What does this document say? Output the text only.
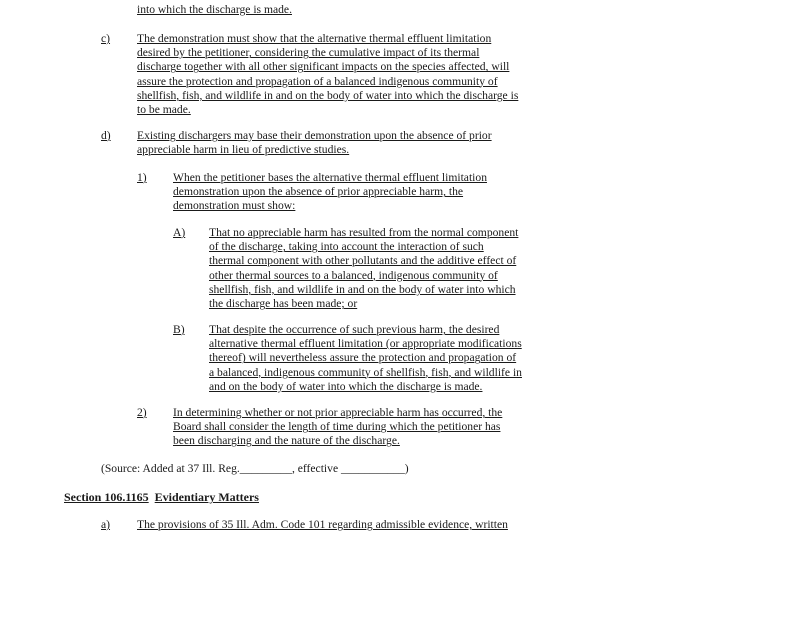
into which the discharge is made.
c) The demonstration must show that the alternative thermal effluent limitation
desired by the petitioner, considering the cumulative impact of its thermal
discharge together with all other significant impacts on the species affected, will
assure the protection and propagation of a balanced indigenous community of
shellfish, fish, and wildlife in and on the body of water into which the discharge is
to be made.
d) Existing dischargers may base their demonstration upon the absence of prior
appreciable harm in lieu of predictive studies.
1) When the petitioner bases the alternative thermal effluent limitation
demonstration upon the absence of prior appreciable harm, the
demonstration must show:
A) That no appreciable harm has resulted from the normal component
of the discharge, taking into account the interaction of such
thermal component with other pollutants and the additive effect of
other thermal sources to a balanced, indigenous community of
shellfish, fish, and wildlife in and on the body of water into which
the discharge has been made; or
B) That despite the occurrence of such previous harm, the desired
alternative thermal effluent limitation (or appropriate modifications
thereof) will nevertheless assure the protection and propagation of
a balanced, indigenous community of shellfish, fish, and wildlife in
and on the body of water into which the discharge is made.
2) In determining whether or not prior appreciable harm has occurred, the
Board shall consider the length of time during which the petitioner has
been discharging and the nature of the discharge.
(Source: Added at 37 Ill. Reg._________, effective ___________)
Section 106.1165 Evidentiary Matters
a) The provisions of 35 Ill. Adm. Code 101 regarding admissible evidence, written
